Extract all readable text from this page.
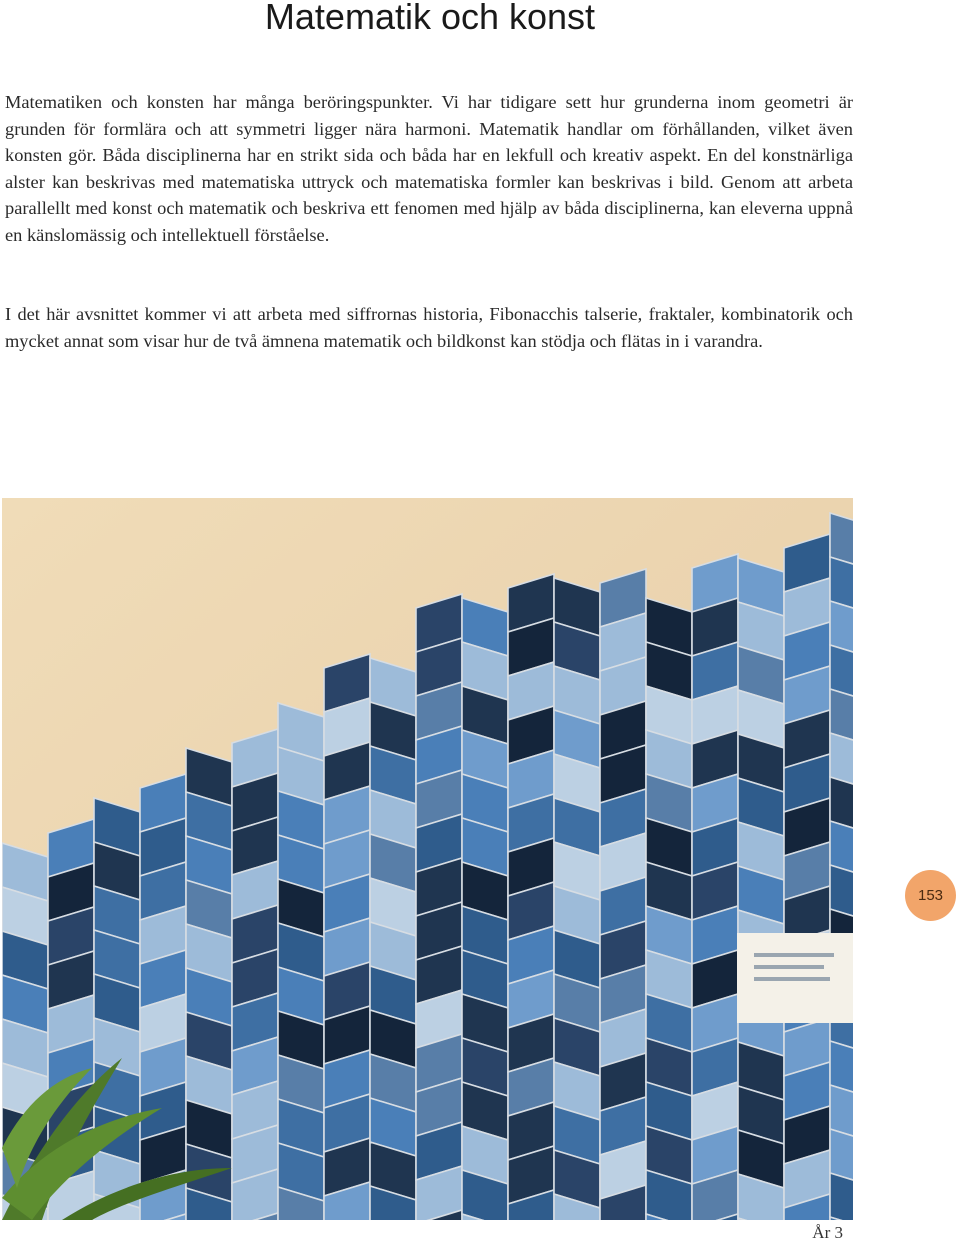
Matematik och konst

Matematiken och konsten har många beröringspunkter. Vi har tidigare sett hur grunderna inom geometri är grunden för formlära och att symmetri ligger nära harmoni. Matematik handlar om förhållanden, vilket även konsten gör. Båda disciplinerna har en strikt sida och båda har en lekfull och kreativ aspekt. En del konstnärliga alster kan beskrivas med matematiska uttryck och matematiska formler kan beskrivas i bild. Genom att arbeta parallellt med konst och matematik och beskriva ett fenomen med hjälp av båda disciplinerna, kan eleverna uppnå en känslomässig och intellektuell förståelse.

I det här avsnittet kommer vi att arbeta med siffrornas historia, Fibonacchis talserie, fraktaler, kombinatorik och mycket annat som visar hur de två ämnena matematik och bildkonst kan stödja och flätas in i varandra.

153
År 3
